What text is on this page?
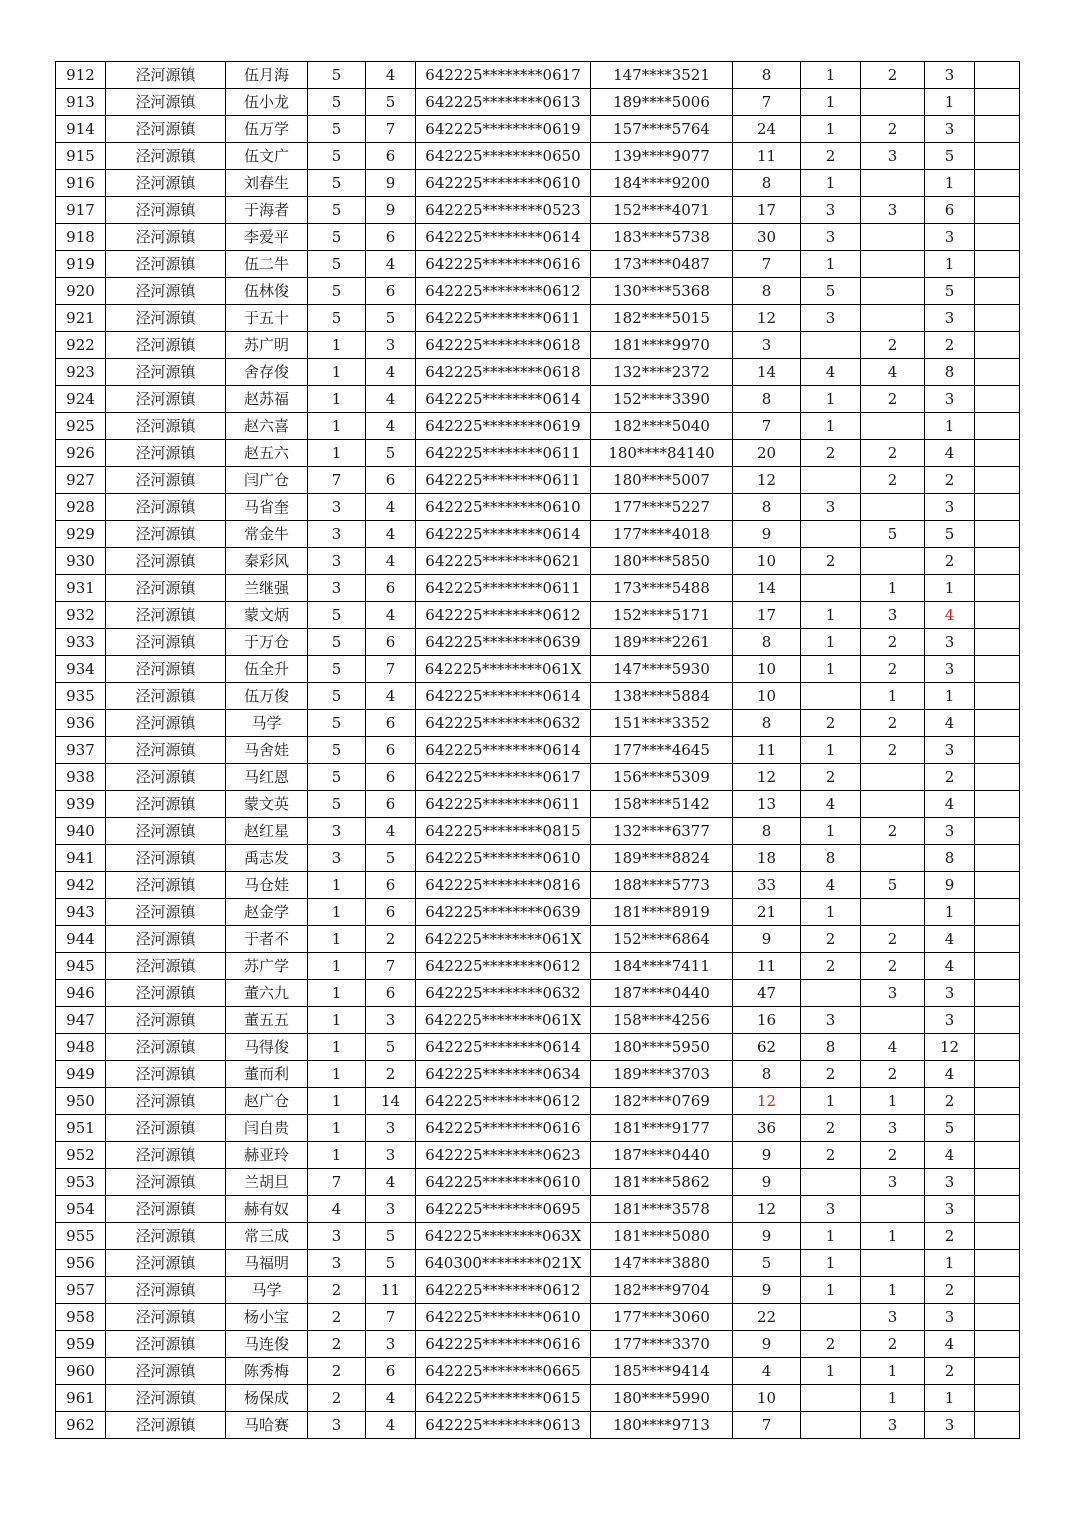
912	泾河源镇	伍月海	5	4	642225********0617	147****3521	8	1	2	3	
913	泾河源镇	伍小龙	5	5	642225********0613	189****5006	7	1		1	
914	泾河源镇	伍万学	5	7	642225********0619	157****5764	24	1	2	3	
915	泾河源镇	伍文广	5	6	642225********0650	139****9077	11	2	3	5	
916	泾河源镇	刘春生	5	9	642225********0610	184****9200	8	1		1	
917	泾河源镇	于海者	5	9	642225********0523	152****4071	17	3	3	6	
918	泾河源镇	李爱平	5	6	642225********0614	183****5738	30	3		3	
919	泾河源镇	伍二牛	5	4	642225********0616	173****0487	7	1		1	
920	泾河源镇	伍林俊	5	6	642225********0612	130****5368	8	5		5	
921	泾河源镇	于五十	5	5	642225********0611	182****5015	12	3		3	
922	泾河源镇	苏广明	1	3	642225********0618	181****9970	3		2	2	
923	泾河源镇	舍存俊	1	4	642225********0618	132****2372	14	4	4	8	
924	泾河源镇	赵苏福	1	4	642225********0614	152****3390	8	1	2	3	
925	泾河源镇	赵六喜	1	4	642225********0619	182****5040	7	1		1	
926	泾河源镇	赵五六	1	5	642225********0611	180****84140	20	2	2	4	
927	泾河源镇	闫广仓	7	6	642225********0611	180****5007	12		2	2	
928	泾河源镇	马省奎	3	4	642225********0610	177****5227	8	3		3	
929	泾河源镇	常金牛	3	4	642225********0614	177****4018	9		5	5	
930	泾河源镇	秦彩风	3	4	642225********0621	180****5850	10	2		2	
931	泾河源镇	兰继强	3	6	642225********0611	173****5488	14		1	1	
932	泾河源镇	蒙文炳	5	4	642225********0612	152****5171	17	1	3	4	
933	泾河源镇	于万仓	5	6	642225********0639	189****2261	8	1	2	3	
934	泾河源镇	伍全升	5	7	642225********061X	147****5930	10	1	2	3	
935	泾河源镇	伍万俊	5	4	642225********0614	138****5884	10		1	1	
936	泾河源镇	马学	5	6	642225********0632	151****3352	8	2	2	4	
937	泾河源镇	马舍娃	5	6	642225********0614	177****4645	11	1	2	3	
938	泾河源镇	马红恩	5	6	642225********0617	156****5309	12	2		2	
939	泾河源镇	蒙文英	5	6	642225********0611	158****5142	13	4		4	
940	泾河源镇	赵红星	3	4	642225********0815	132****6377	8	1	2	3	
941	泾河源镇	禹志发	3	5	642225********0610	189****8824	18	8		8	
942	泾河源镇	马仓娃	1	6	642225********0816	188****5773	33	4	5	9	
943	泾河源镇	赵金学	1	6	642225********0639	181****8919	21	1		1	
944	泾河源镇	于者不	1	2	642225********061X	152****6864	9	2	2	4	
945	泾河源镇	苏广学	1	7	642225********0612	184****7411	11	2	2	4	
946	泾河源镇	董六九	1	6	642225********0632	187****0440	47		3	3	
947	泾河源镇	董五五	1	3	642225********061X	158****4256	16	3		3	
948	泾河源镇	马得俊	1	5	642225********0614	180****5950	62	8	4	12	
949	泾河源镇	董而利	1	2	642225********0634	189****3703	8	2	2	4	
950	泾河源镇	赵广仓	1	14	642225********0612	182****0769	12	1	1	2	
951	泾河源镇	闫自贵	1	3	642225********0616	181****9177	36	2	3	5	
952	泾河源镇	赫亚玲	1	3	642225********0623	187****0440	9	2	2	4	
953	泾河源镇	兰胡旦	7	4	642225********0610	181****5862	9		3	3	
954	泾河源镇	赫有奴	4	3	642225********0695	181****3578	12	3		3	
955	泾河源镇	常三成	3	5	642225********063X	181****5080	9	1	1	2	
956	泾河源镇	马福明	3	5	640300********021X	147****3880	5	1		1	
957	泾河源镇	马学	2	11	642225********0612	182****9704	9	1	1	2	
958	泾河源镇	杨小宝	2	7	642225********0610	177****3060	22		3	3	
959	泾河源镇	马连俊	2	3	642225********0616	177****3370	9	2	2	4	
960	泾河源镇	陈秀梅	2	6	642225********0665	185****9414	4	1	1	2	
961	泾河源镇	杨保成	2	4	642225********0615	180****5990	10		1	1	
962	泾河源镇	马哈赛	3	4	642225********0613	180****9713	7		3	3	
